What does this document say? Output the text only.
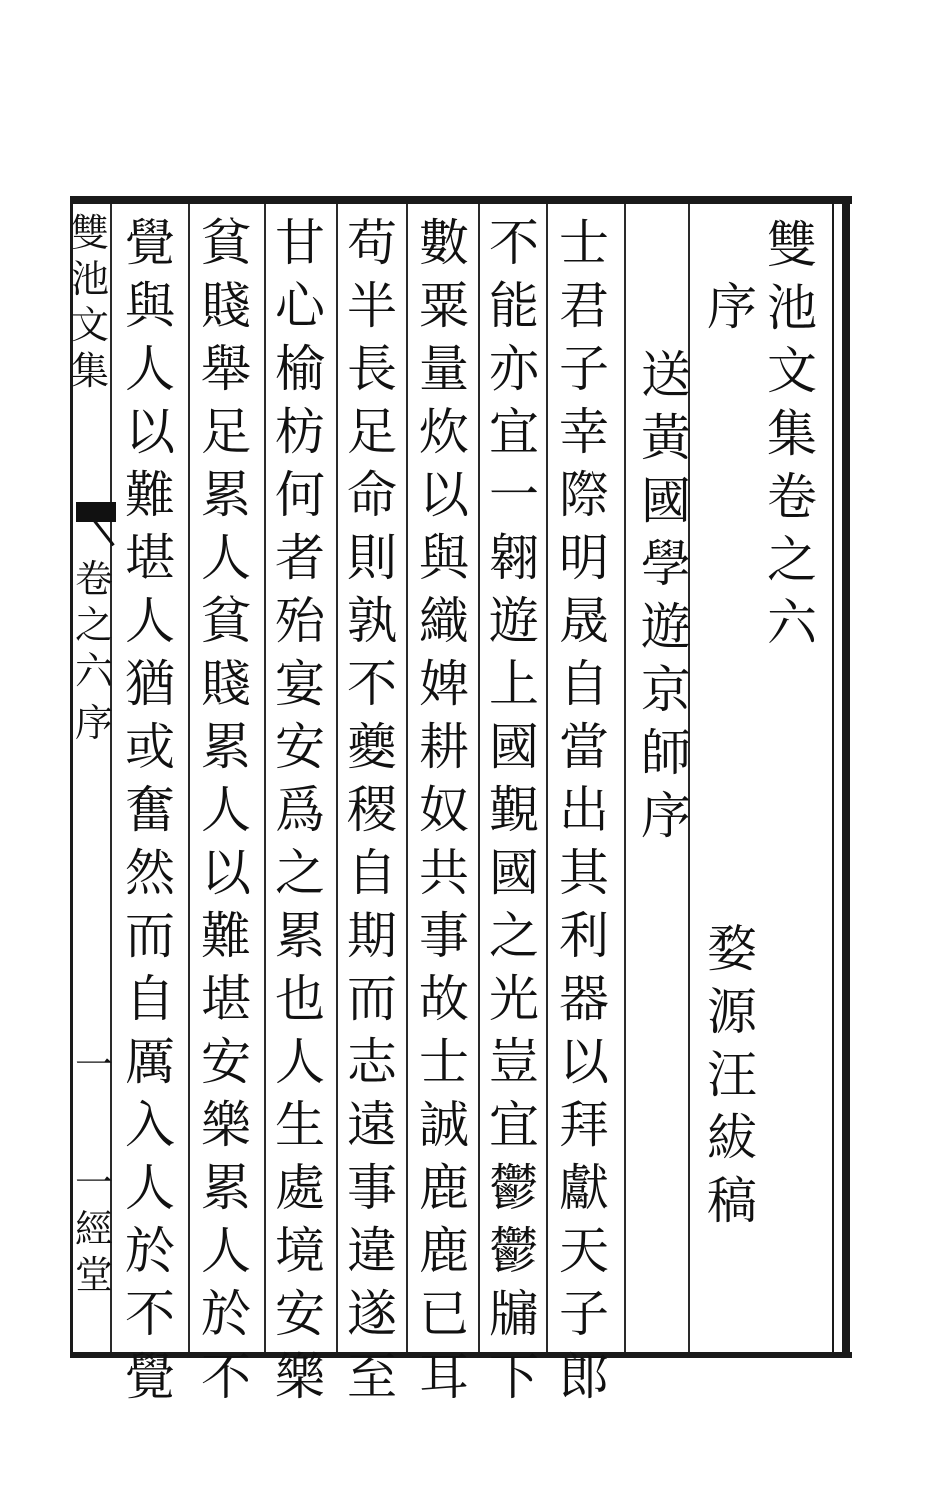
雙
池
文
集
卷
之
六
序
婺
源
汪
紱
稿
送
黃
國
學
遊
京
師
序
士
君
子
幸
際
明
晟
自
當
出
其
利
器
以
拜
獻
天
子
郎
不
能
亦
宜
一
翱
遊
上
國
覲
國
之
光
豈
宜
鬱
鬱
牖
下
數
粟
量
炊
以
與
織
婢
耕
奴
共
事
故
士
誠
鹿
鹿
已
耳
苟
半
長
足
命
則
孰
不
夔
稷
自
期
而
志
遠
事
違
遂
至
甘
心
榆
枋
何
者
殆
宴
安
爲
之
累
也
人
生
處
境
安
樂
貧
賤
舉
足
累
人
貧
賤
累
人
以
難
堪
安
樂
累
人
於
不
覺
與
人
以
難
堪
人
猶
或
奮
然
而
自
厲
入
人
於
不
覺
雙
池
文
集
卷
之
六
序
一
一
經
堂
